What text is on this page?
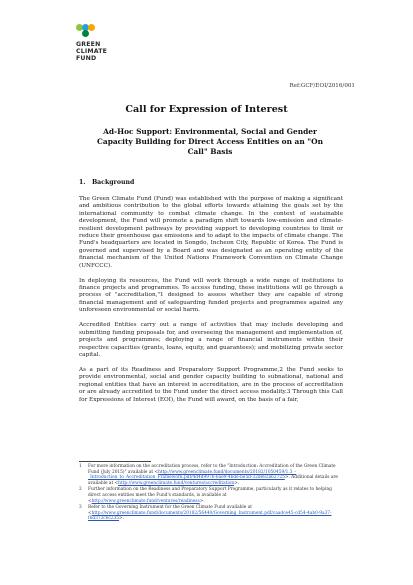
GREEN
CLIMATE
FUND
Ref:GCF/EOI/2016/001
Call for Expression of Interest
Ad-Hoc Support: Environmental, Social and Gender Capacity Building for Direct Access Entities on an "On Call" Basis
1. Background

The Green Climate Fund (Fund) was established with the purpose of making a significant and ambitious contribution to the global efforts towards attaining the goals set by the international community to combat climate change. In the context of sustainable development, the Fund will promote a paradigm shift towards low-emission and climate-resilient development pathways by providing support to developing countries to limit or reduce their greenhouse gas emissions and to adapt to the impacts of climate change. The Fund's headquarters are located in Songdo, Incheon City, Republic of Korea. The Fund is governed and supervised by a Board and was designated as an operating entity of the financial mechanism of the United Nations Framework Convention on Climate Change (UNFCCC).

In deploying its resources, the Fund will work through a wide range of institutions to finance projects and programmes. To access funding, these institutions will go through a process of "accreditation,"1 designed to assess whether they are capable of strong financial management and of safeguarding funded projects and programmes against any unforeseen environmental or social harm.

Accredited Entities carry out a range of activities that may include developing and submitting funding proposals for, and overseeing the management and implementation of, projects and programmes; deploying a range of financial instruments within their respective capacities (grants, loans, equity, and guarantees); and mobilizing private sector capital.

As a part of its Readiness and Preparatory Support Programme,2 the Fund seeks to provide environmental, social and gender capacity building to subnational, national and regional entities that have an interest in accreditation, are in the process of accreditation or are already accredited to the Fund under the direct access modality.3 Through this Call for Expressions of Interest (EOI), the Fund will award, on the basis of a fair,

1	For more information on the accreditation process, refer to the "Introduction: Accreditation of the Green Climate Fund (July 2015)" available at <http://www.greenclimate.fund/documents/20182/1050459/1.3_-_Introduction_to_Accreditation_Framework.pdf/4d4d9976-6ae9-4bde-be5d-32de82a62725>. Additional details are available at <http://www.greenclimate.fund/ventures/accreditation>.
2	Further information on the Readiness and Preparatory Support Programme, particularly as it relates to helping direct access entities meet the Fund's standards, is available at <http://www.greenclimate.fund/ventures/readiness>.
3	Refer to the Governing Instrument for the Green Climate Fund available at <http://www.greenclimate.fund/documents/20182/56440/Governing_Instrument.pdf/caadce45-cd54-4ab0-9a37-fbd373c6c235>.
